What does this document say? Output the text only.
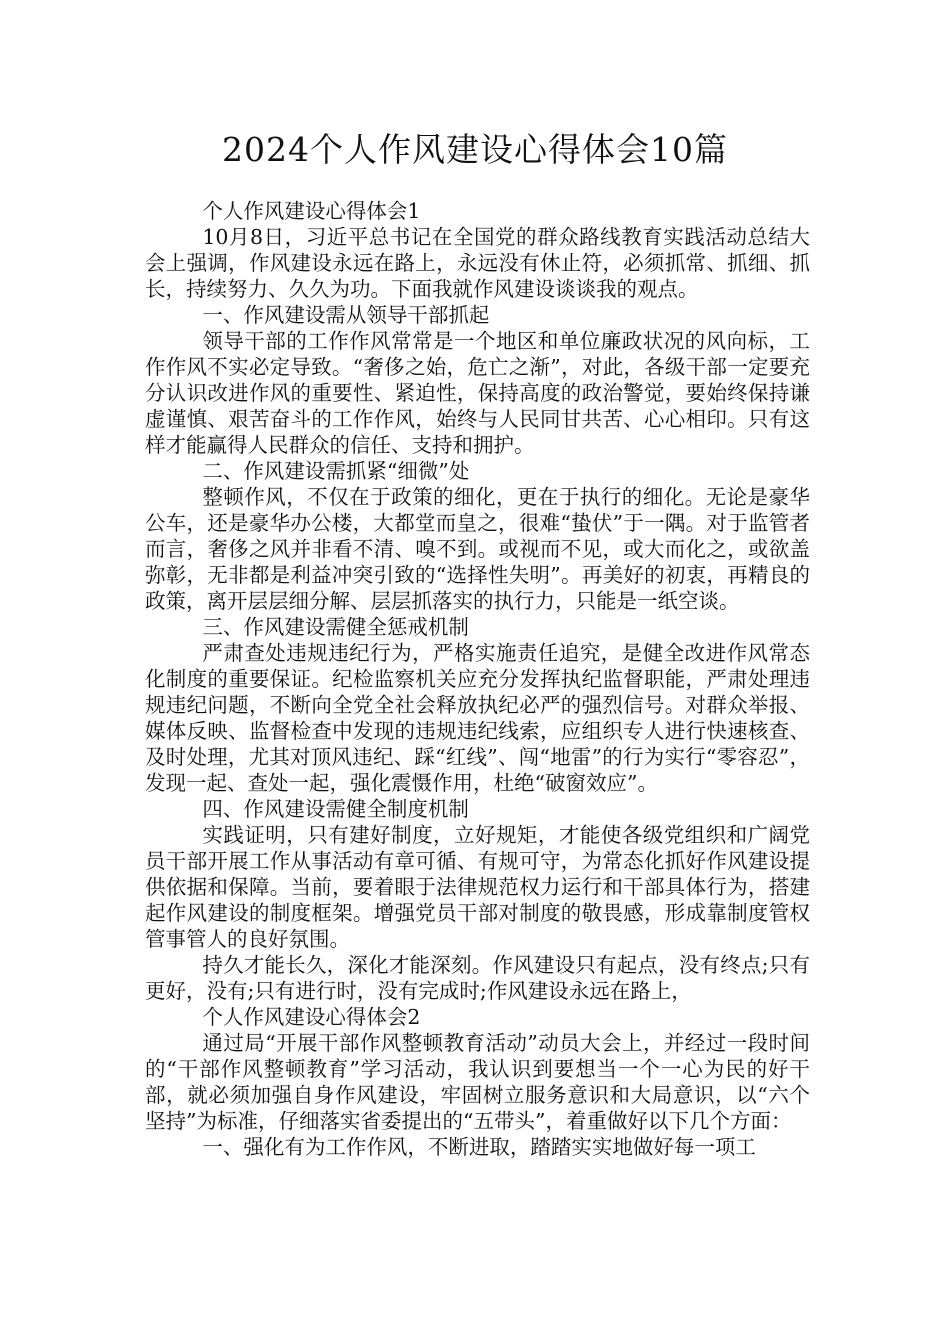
2024个人作风建设心得体会10篇

个人作风建设心得体会1

10月8日，习近平总书记在全国党的群众路线教育实践活动总结大会上强调，作风建设永远在路上，永远没有休止符，必须抓常、抓细、抓长，持续努力、久久为功。下面我就作风建设谈谈我的观点。

一、作风建设需从领导干部抓起

领导干部的工作作风常常是一个地区和单位廉政状况的风向标，工作作风不实必定导致。“奢侈之始，危亡之渐”，对此，各级干部一定要充分认识改进作风的重要性、紧迫性，保持高度的政治警觉，要始终保持谦虚谨慎、艰苦奋斗的工作作风，始终与人民同甘共苦、心心相印。只有这样才能赢得人民群众的信任、支持和拥护。

二、作风建设需抓紧“细微”处

整顿作风，不仅在于政策的细化，更在于执行的细化。无论是豪华公车，还是豪华办公楼，大都堂而皇之，很难“蛰伏”于一隅。对于监管者而言，奢侈之风并非看不清、嗅不到。或视而不见，或大而化之，或欲盖弥彰，无非都是利益冲突引致的“选择性失明”。再美好的初衷，再精良的政策，离开层层细分解、层层抓落实的执行力，只能是一纸空谈。

三、作风建设需健全惩戒机制

严肃查处违规违纪行为，严格实施责任追究，是健全改进作风常态化制度的重要保证。纪检监察机关应充分发挥执纪监督职能，严肃处理违规违纪问题，不断向全党全社会释放执纪必严的强烈信号。对群众举报、媒体反映、监督检查中发现的违规违纪线索，应组织专人进行快速核查、及时处理，尤其对顶风违纪、踩“红线”、闯“地雷”的行为实行“零容忍”，发现一起、查处一起，强化震慑作用，杜绝“破窗效应”。

四、作风建设需健全制度机制

实践证明，只有建好制度，立好规矩，才能使各级党组织和广阔党员干部开展工作从事活动有章可循、有规可守，为常态化抓好作风建设提供依据和保障。当前，要着眼于法律规范权力运行和干部具体行为，搭建起作风建设的制度框架。增强党员干部对制度的敬畏感，形成靠制度管权管事管人的良好氛围。

持久才能长久，深化才能深刻。作风建设只有起点，没有终点;只有更好，没有;只有进行时，没有完成时;作风建设永远在路上，

个人作风建设心得体会2

通过局“开展干部作风整顿教育活动”动员大会上，并经过一段时间的“干部作风整顿教育”学习活动，我认识到要想当一个一心为民的好干部，就必须加强自身作风建设，牢固树立服务意识和大局意识，以“六个坚持”为标准，仔细落实省委提出的“五带头”，着重做好以下几个方面：

一、强化有为工作作风，不断进取，踏踏实实地做好每一项工
